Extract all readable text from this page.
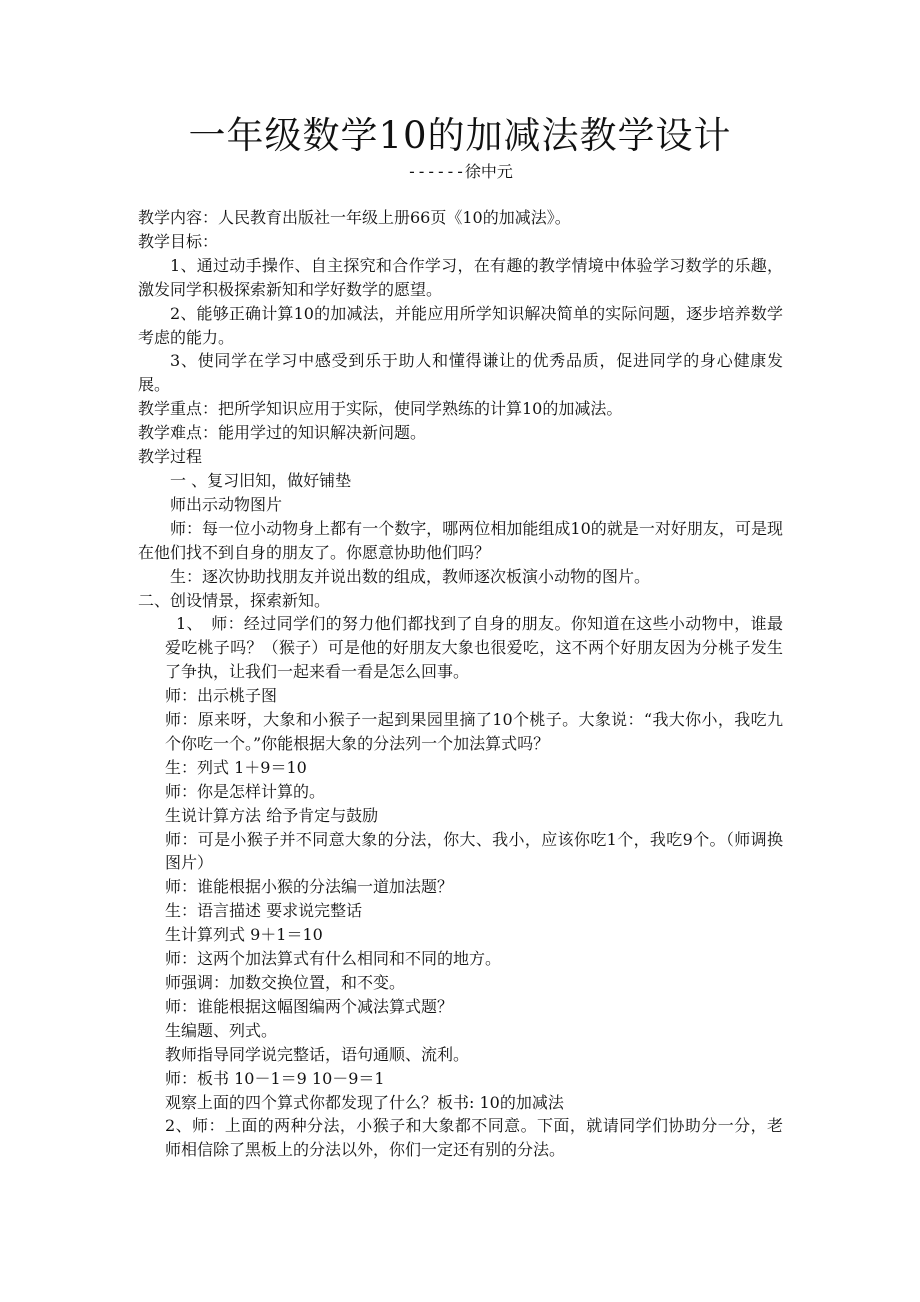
一年级数学10的加减法教学设计
------徐中元

教学内容：人民教育出版社一年级上册66页《10的加减法》。

教学目标：

1、通过动手操作、自主探究和合作学习，在有趣的教学情境中体验学习数学的乐趣，激发同学积极探索新知和学好数学的愿望。

2、能够正确计算10的加减法，并能应用所学知识解决简单的实际问题，逐步培养数学考虑的能力。

3、使同学在学习中感受到乐于助人和懂得谦让的优秀品质，促进同学的身心健康发展。

教学重点：把所学知识应用于实际，使同学熟练的计算10的加减法。

教学难点：能用学过的知识解决新问题。

教学过程

一 、复习旧知，做好铺垫

师出示动物图片

师：每一位小动物身上都有一个数字，哪两位相加能组成10的就是一对好朋友，可是现在他们找不到自身的朋友了。你愿意协助他们吗？

生：逐次协助找朋友并说出数的组成，教师逐次板演小动物的图片。

二、创设情景，探索新知。

1、　师：经过同学们的努力他们都找到了自身的朋友。你知道在这些小动物中，谁最爱吃桃子吗？（猴子）可是他的好朋友大象也很爱吃，这不两个好朋友因为分桃子发生了争执，让我们一起来看一看是怎么回事。

师：出示桃子图

师：原来呀，大象和小猴子一起到果园里摘了10个桃子。大象说：“我大你小，我吃九个你吃一个。”你能根据大象的分法列一个加法算式吗？

生：列式 1＋9＝10

师：你是怎样计算的。

生说计算方法 给予肯定与鼓励

师：可是小猴子并不同意大象的分法，你大、我小，应该你吃1个，我吃9个。（师调换图片）

师：谁能根据小猴的分法编一道加法题？

生：语言描述 要求说完整话

生计算列式 9＋1＝10

师：这两个加法算式有什么相同和不同的地方。

师强调：加数交换位置，和不变。

师：谁能根据这幅图编两个减法算式题？

生编题、列式。

教师指导同学说完整话，语句通顺、流利。

师：板书 10－1＝9 10－9＝1

观察上面的四个算式你都发现了什么？板书: 10的加减法

2、师：上面的两种分法，小猴子和大象都不同意。下面，就请同学们协助分一分，老师相信除了黑板上的分法以外，你们一定还有别的分法。
